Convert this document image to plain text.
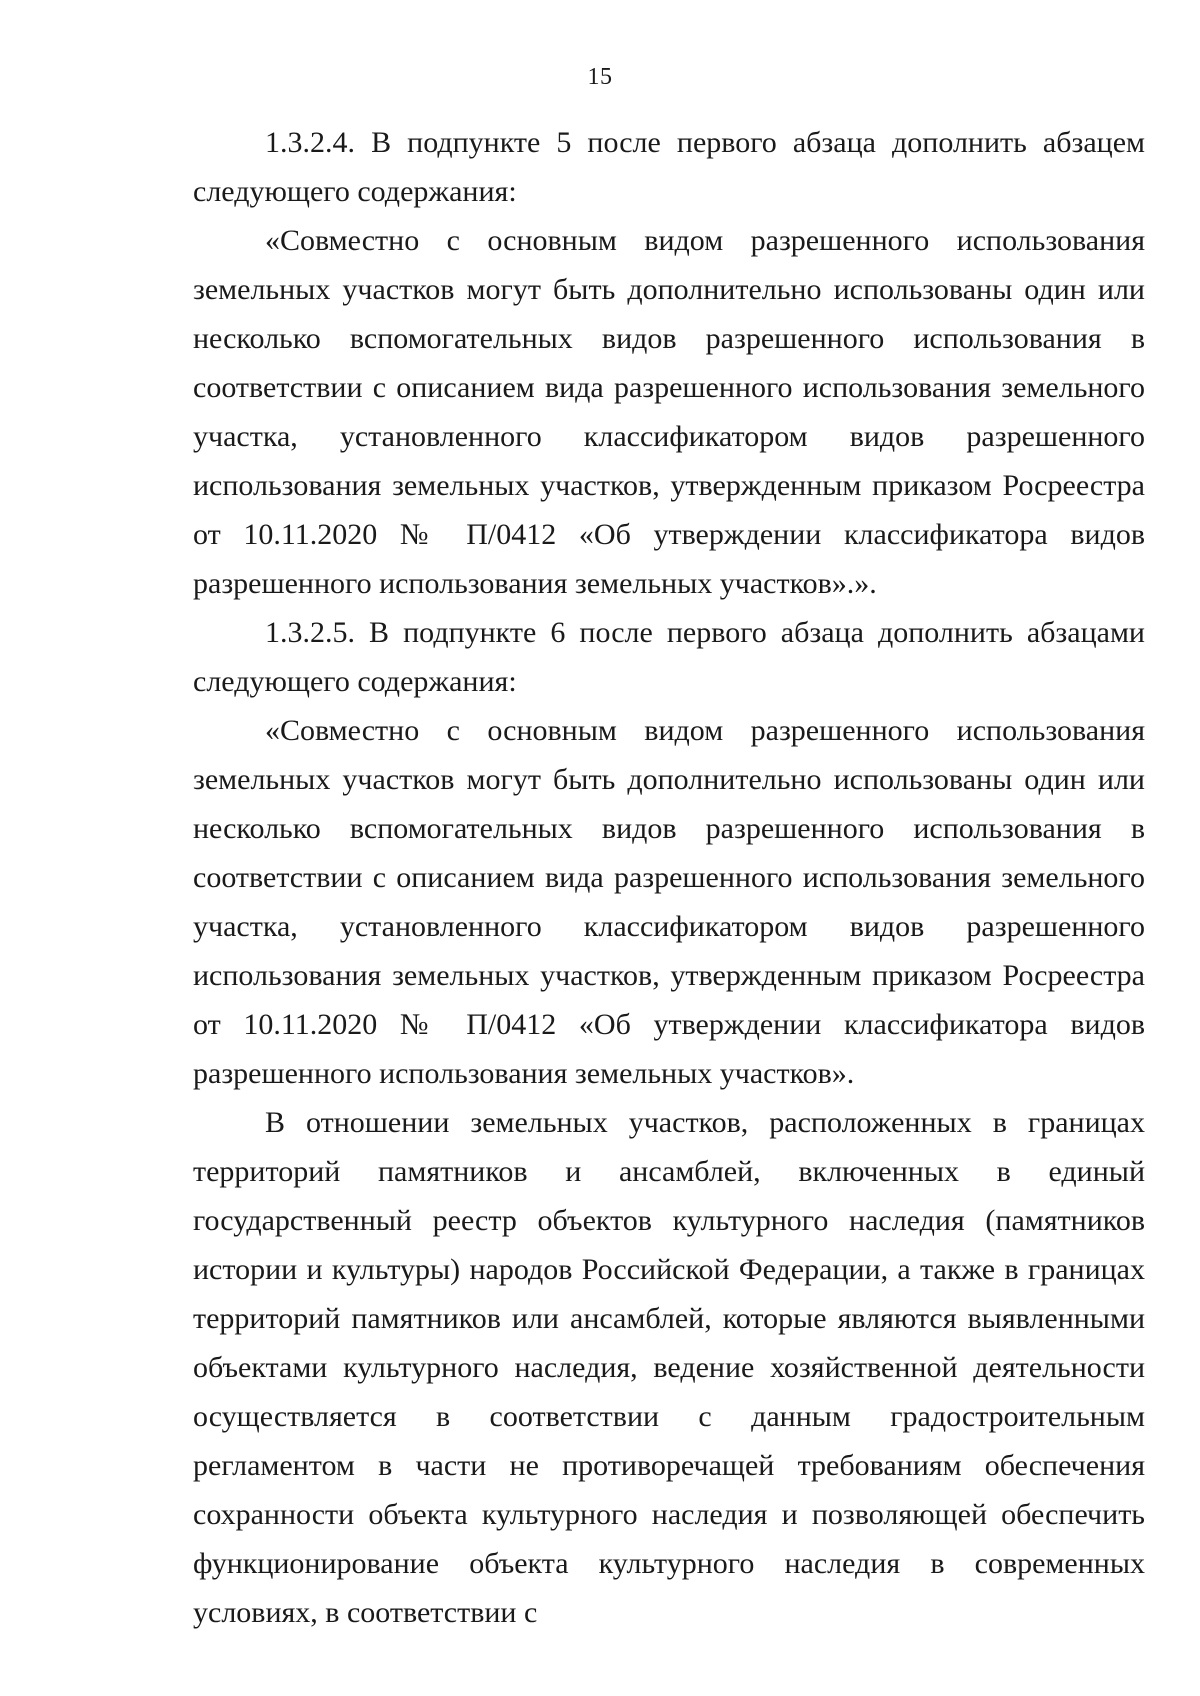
15

1.3.2.4. В подпункте 5 после первого абзаца дополнить абзацем следующего содержания:

«Совместно с основным видом разрешенного использования земельных участков могут быть дополнительно использованы один или несколько вспомогательных видов разрешенного использования в соответствии с описанием вида разрешенного использования земельного участка, установленного классификатором видов разрешенного использования земельных участков, утвержденным приказом Росреестра от 10.11.2020 № П/0412 «Об утверждении классификатора видов разрешенного использования земельных участков».».

1.3.2.5. В подпункте 6 после первого абзаца дополнить абзацами следующего содержания:

«Совместно с основным видом разрешенного использования земельных участков могут быть дополнительно использованы один или несколько вспомогательных видов разрешенного использования в соответствии с описанием вида разрешенного использования земельного участка, установленного классификатором видов разрешенного использования земельных участков, утвержденным приказом Росреестра от 10.11.2020 № П/0412 «Об утверждении классификатора видов разрешенного использования земельных участков».

В отношении земельных участков, расположенных в границах территорий памятников и ансамблей, включенных в единый государственный реестр объектов культурного наследия (памятников истории и культуры) народов Российской Федерации, а также в границах территорий памятников или ансамблей, которые являются выявленными объектами культурного наследия, ведение хозяйственной деятельности осуществляется в соответствии с данным градостроительным регламентом в части не противоречащей требованиям обеспечения сохранности объекта культурного наследия и позволяющей обеспечить функционирование объекта культурного наследия в современных условиях, в соответствии с
